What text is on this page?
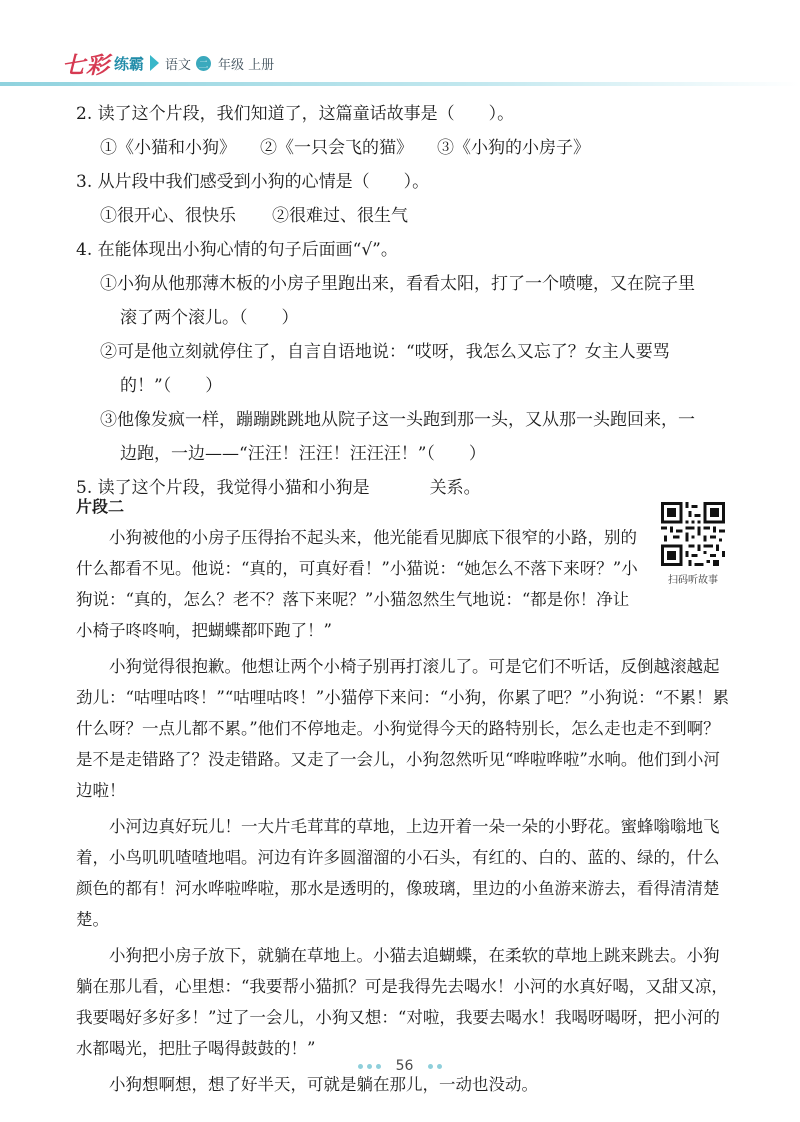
七彩 练霸 语文 二 年级 上册
2. 读了这个片段，我们知道了，这篇童话故事是（　　）。
①《小猫和小狗》 ②《一只会飞的猫》 ③《小狗的小房子》
3. 从片段中我们感受到小狗的心情是（　　）。
①很开心、很快乐 ②很难过、很生气
4. 在能体现出小狗心情的句子后面画“√”。
①小狗从他那薄木板的小房子里跑出来，看看太阳，打了一个喷嚏，又在院子里
滚了两个滚儿。（　　）
②可是他立刻就停住了，自言自语地说：“哎呀，我怎么又忘了？女主人要骂
的！”（　　）
③他像发疯一样，蹦蹦跳跳地从院子这一头跑到那一头，又从那一头跑回来，一
边跑，一边——“汪汪！汪汪！汪汪汪！”（　　）
5. 读了这个片段，我觉得小猫和小狗是	关系。
片段二

小狗被他的小房子压得抬不起头来，他光能看见脚底下很窄的小路，别的什么都看不见。他说：“真的，可真好看！”小猫说：“她怎么不落下来呀？”小狗说：“真的，怎么？老不？落下来呢？”小猫忽然生气地说：“都是你！净让小椅子咚咚响，把蝴蝶都吓跑了！”

小狗觉得很抱歉。他想让两个小椅子别再打滚儿了。可是它们不听话，反倒越滚越起劲儿：“咕哩咕咚！”“咕哩咕咚！”小猫停下来问：“小狗，你累了吧？”小狗说：“不累！累什么呀？一点儿都不累。”他们不停地走。小狗觉得今天的路特别长，怎么走也走不到啊？是不是走错路了？没走错路。又走了一会儿，小狗忽然听见“哗啦哗啦”水响。他们到小河边啦！

小河边真好玩儿！一大片毛茸茸的草地，上边开着一朵一朵的小野花。蜜蜂嗡嗡地飞着，小鸟叽叽喳喳地唱。河边有许多圆溜溜的小石头，有红的、白的、蓝的、绿的，什么颜色的都有！河水哗啦哗啦，那水是透明的，像玻璃，里边的小鱼游来游去，看得清清楚楚。

小狗把小房子放下，就躺在草地上。小猫去追蝴蝶，在柔软的草地上跳来跳去。小狗躺在那儿看，心里想：“我要帮小猫抓？可是我得先去喝水！小河的水真好喝，又甜又凉，我要喝好多好多！”过了一会儿，小狗又想：“对啦，我要去喝水！我喝呀喝呀，把小河的水都喝光，把肚子喝得鼓鼓的！”

小狗想啊想，想了好半天，可就是躺在那儿，一动也没动。

扫码听故事
56
